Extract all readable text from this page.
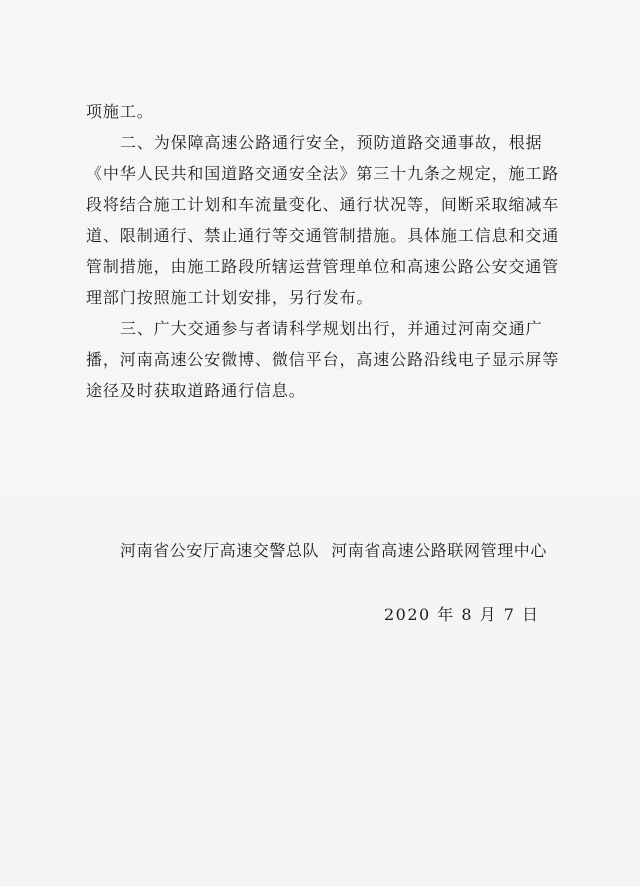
项施工。

二、为保障高速公路通行安全，预防道路交通事故，根据《中华人民共和国道路交通安全法》第三十九条之规定，施工路段将结合施工计划和车流量变化、通行状况等，间断采取缩减车道、限制通行、禁止通行等交通管制措施。具体施工信息和交通管制措施，由施工路段所辖运营管理单位和高速公路公安交通管理部门按照施工计划安排，另行发布。

三、广大交通参与者请科学规划出行，并通过河南交通广播，河南高速公安微博、微信平台，高速公路沿线电子显示屏等途径及时获取道路通行信息。

河南省公安厅高速交警总队 河南省高速公路联网管理中心
2020 年 8 月 7 日
